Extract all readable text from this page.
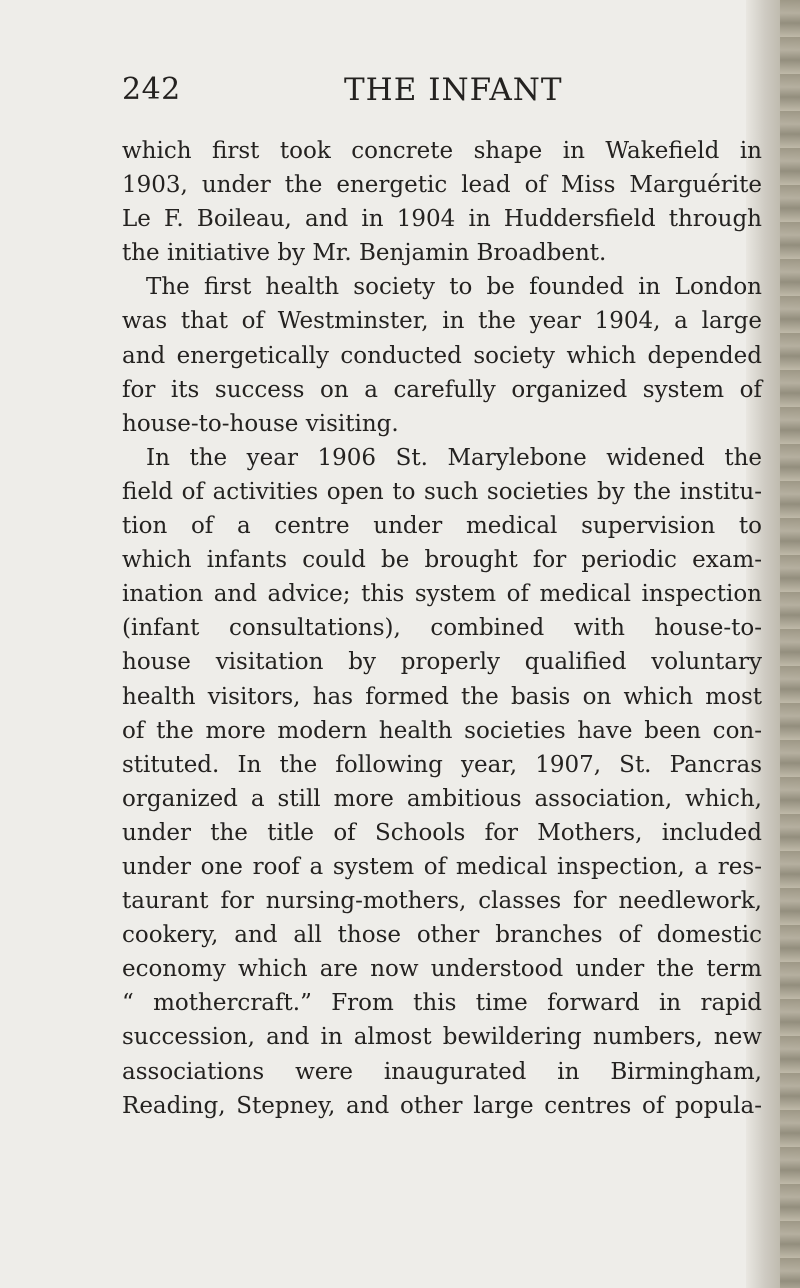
242	THE INFANT
which first took concrete shape in Wakefield in
1903, under the energetic lead of Miss Marguérite
Le F. Boileau, and in 1904 in Huddersfield through
the initiative by Mr. Benjamin Broadbent.
The first health society to be founded in London
was that of Westminster, in the year 1904, a large
and energetically conducted society which depended
for its success on a carefully organized system of
house-to-house visiting.
In the year 1906 St. Marylebone widened the
field of activities open to such societies by the institu-
tion of a centre under medical supervision to
which infants could be brought for periodic exam-
ination and advice; this system of medical inspection
(infant consultations), combined with house-to-
house visitation by properly qualified voluntary
health visitors, has formed the basis on which most
of the more modern health societies have been con-
stituted. In the following year, 1907, St. Pancras
organized a still more ambitious association, which,
under the title of Schools for Mothers, included
under one roof a system of medical inspection, a res-
taurant for nursing-mothers, classes for needlework,
cookery, and all those other branches of domestic
economy which are now understood under the term
“ mothercraft.” From this time forward in rapid
succession, and in almost bewildering numbers, new
associations were inaugurated in Birmingham,
Reading, Stepney, and other large centres of popula-
